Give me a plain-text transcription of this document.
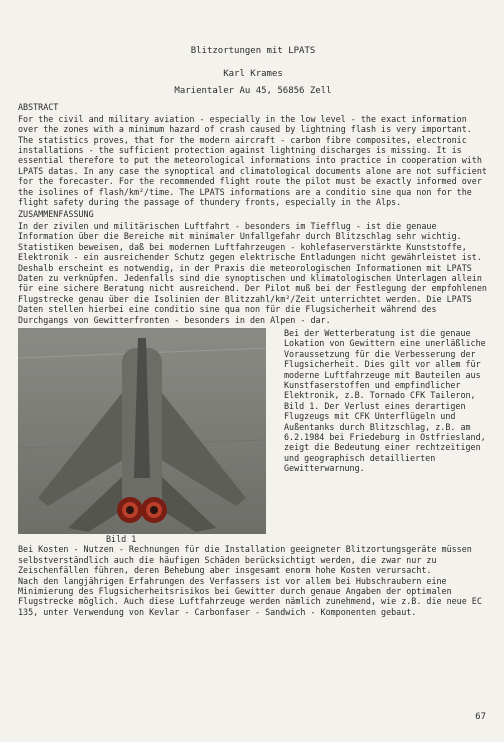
Blitzortungen mit LPATS
Karl Krames
Marientaler Au 45, 56856 Zell
ABSTRACT

For the civil and military aviation - especially in the low level - the exact information over the zones with a minimum hazard of crash caused by lightning flash is very important. The statistics proves, that for the modern aircraft - carbon fibre composites, electronic installations - the sufficient protection against lightning discharges is missing. It is essential therefore to put the meteorological informations into practice in cooperation with LPATS datas. In any case the synoptical and climatological documents alone are not sufficient for the forecaster. For the recommended flight route the pilot must be exactly informed over the isolines of flash/km²/time. The LPATS informations are a conditio sine qua non for the flight safety during the passage of thundery fronts, especially in the Alps.

ZUSAMMENFASSUNG

In der zivilen und militärischen Luftfahrt - besonders im Tiefflug - ist die genaue Information über die Bereiche mit minimaler Unfallgefahr durch Blitzschlag sehr wichtig. Statistiken beweisen, daß bei modernen Luftfahrzeugen - kohlefaserverstärkte Kunststoffe, Elektronik - ein ausreichender Schutz gegen elektrische Entladungen nicht gewährleistet ist. Deshalb erscheint es notwendig, in der Praxis die meteorologischen Informationen mit LPATS Daten zu verknüpfen. Jedenfalls sind die synoptischen und klimatologischen Unterlagen allein für eine sichere Beratung nicht ausreichend. Der Pilot muß bei der Festlegung der empfohlenen Flugstrecke genau über die Isolinien der Blitzzahl/km²/Zeit unterrichtet werden. Die LPATS Daten stellen hierbei eine conditio sine qua non für die Flugsicherheit während des Durchgangs von Gewitterfronten - besonders in den Alpen - dar.

Bild 1

Bei der Wetterberatung ist die genaue Lokation von Gewittern eine unerläßliche Voraussetzung für die Verbesserung der Flugsicherheit. Dies gilt vor allem für moderne Luftfahrzeuge mit Bauteilen aus Kunstfaserstoffen und empfindlicher Elektronik, z.B. Tornado CFK Taileron, Bild 1. Der Verlust eines derartigen Flugzeugs mit CFK Unterflügeln und Außentanks durch Blitzschlag, z.B. am 6.2.1984 bei Friedeburg in Ostfriesland, zeigt die Bedeutung einer rechtzeitigen und geographisch detaillierten Gewitterwarnung.

Bei Kosten - Nutzen - Rechnungen für die Installation geeigneter Blitzortungsgeräte müssen selbstverständlich auch die häufigen Schäden berücksichtigt werden, die zwar nur zu Zeischenfällen führen, deren Behebung aber insgesamt enorm hohe Kosten verursacht.

Nach den langjährigen Erfahrungen des Verfassers ist vor allem bei Hubschraubern eine Minimierung des Flugsicherheitsrisikos bei Gewitter durch genaue Angaben der optimalen Flugstrecke möglich. Auch diese Luftfahrzeuge werden nämlich zunehmend, wie z.B. die neue EC 135, unter Verwendung von Kevlar - Carbonfaser - Sandwich - Komponenten gebaut.

67
